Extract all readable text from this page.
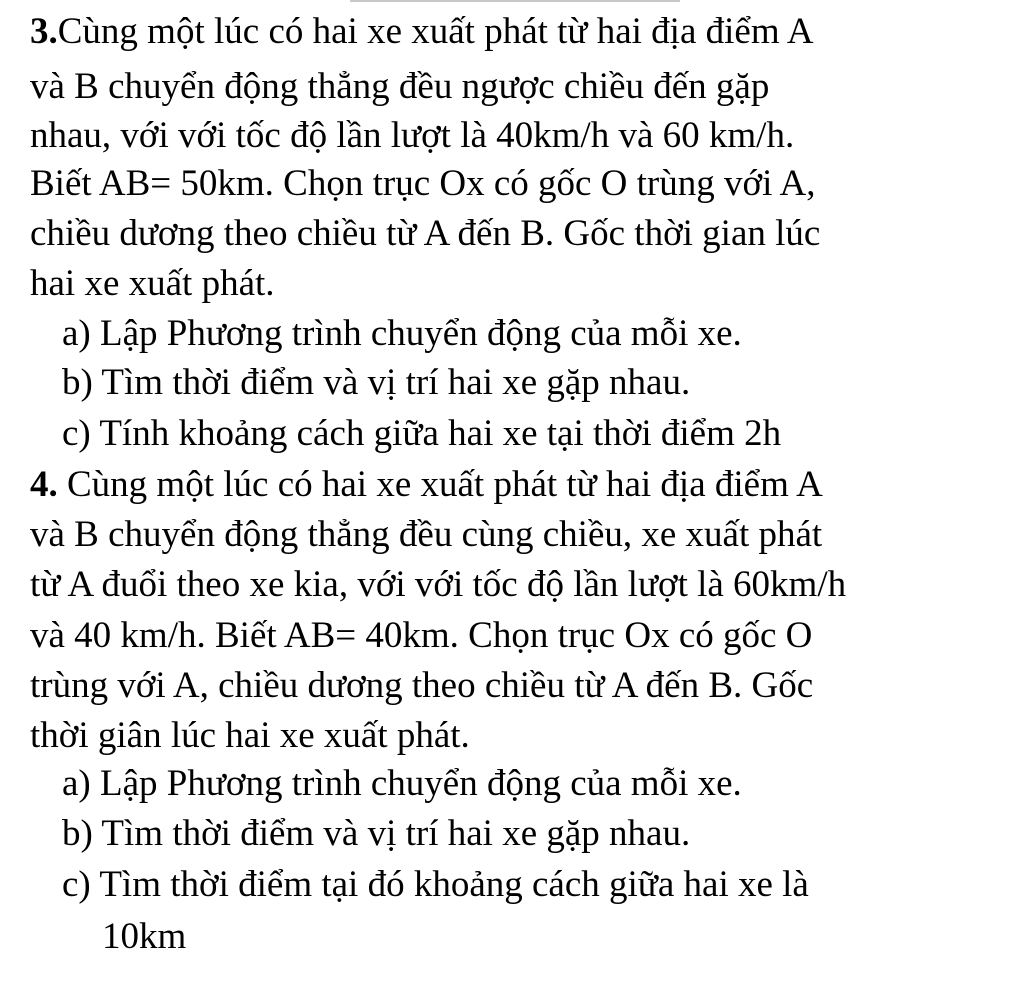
3.Cùng một lúc có hai xe xuất phát từ hai địa điểm A
và B chuyển động thẳng đều ngược chiều đến gặp
nhau, với với tốc độ lần lượt là 40km/h và 60 km/h.
Biết AB= 50km. Chọn trục Ox có gốc O trùng với A,
chiều dương theo chiều từ A đến B. Gốc thời gian lúc
hai xe xuất phát.
a) Lập Phương trình chuyển động của mỗi xe.
b) Tìm thời điểm và vị trí hai xe gặp nhau.
c) Tính khoảng cách giữa hai xe tại thời điểm 2h
4. Cùng một lúc có hai xe xuất phát từ hai địa điểm A
và B chuyển động thẳng đều cùng chiều, xe xuất phát
từ A đuổi theo xe kia, với với tốc độ lần lượt là 60km/h
và 40 km/h. Biết AB= 40km. Chọn trục Ox có gốc O
trùng với A, chiều dương theo chiều từ A đến B. Gốc
thời giân lúc hai xe xuất phát.
a) Lập Phương trình chuyển động của mỗi xe.
b) Tìm thời điểm và vị trí hai xe gặp nhau.
c) Tìm thời điểm tại đó khoảng cách giữa hai xe là
10km
